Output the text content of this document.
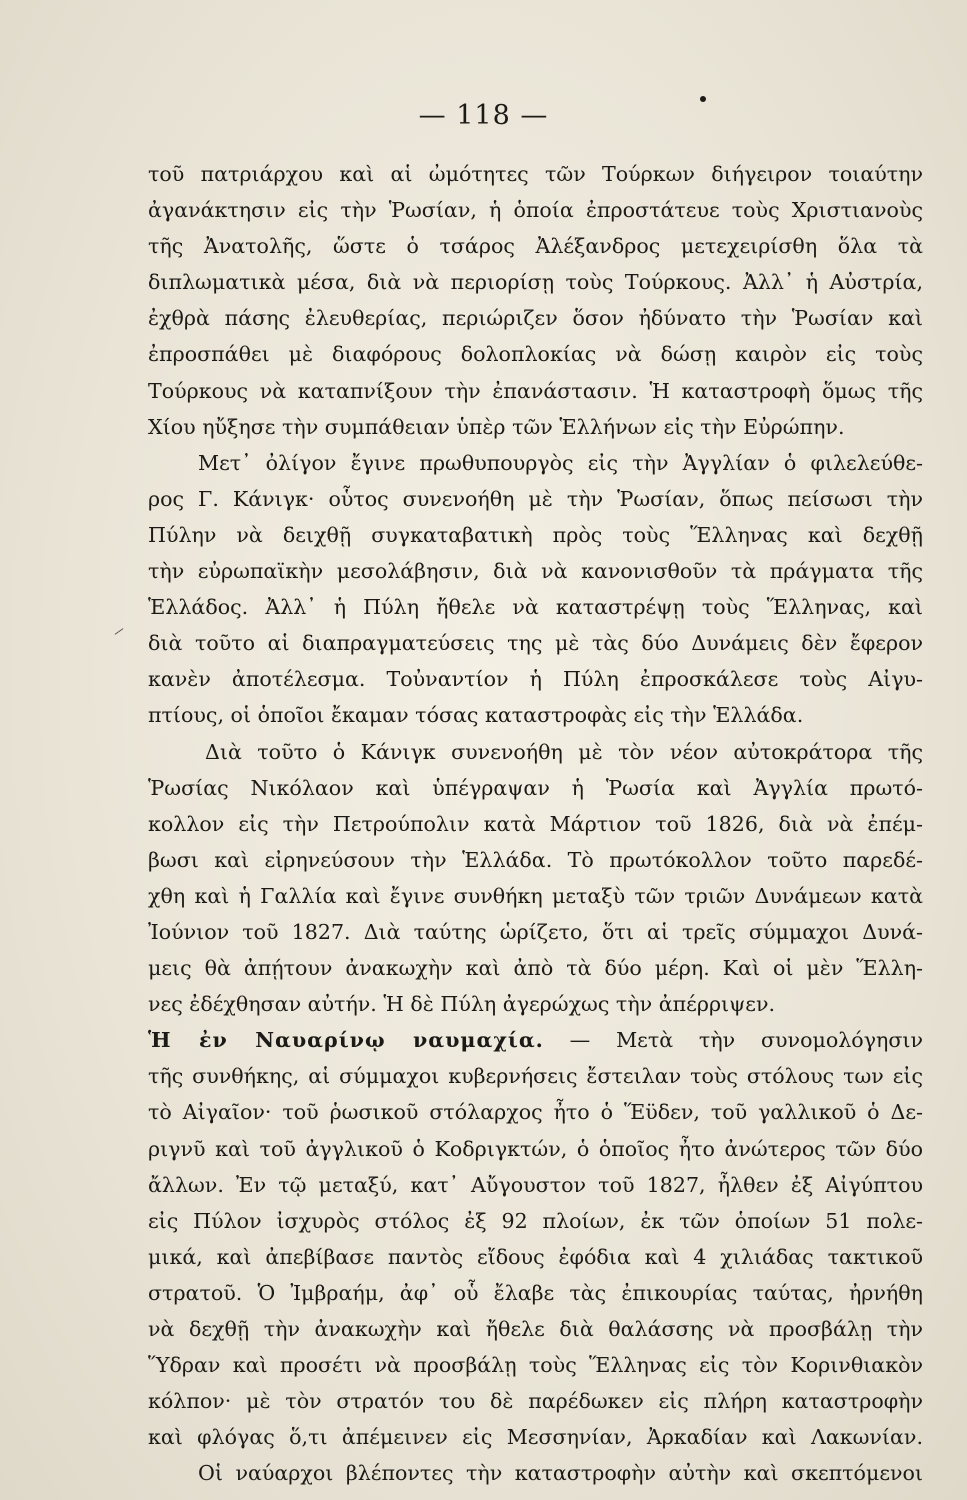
— 118 —
τοῦ πατριάρχου καὶ αἱ ὠμότητες τῶν Τούρκων διήγειρον τοιαύτην
ἀγανάκτησιν εἰς τὴν Ῥωσίαν, ἡ ὁποία ἐπροστάτευε τοὺς Χριστιανοὺς
τῆς Ἀνατολῆς, ὥστε ὁ τσάρος Ἀλέξανδρος μετεχειρίσθη ὅλα τὰ
διπλωματικὰ μέσα, διὰ νὰ περιορίσῃ τοὺς Τούρκους. Ἀλλ᾽ ἡ Αὐστρία,
ἐχθρὰ πάσης ἐλευθερίας, περιώριζεν ὅσον ἠδύνατο τὴν Ῥωσίαν καὶ
ἐπροσπάθει μὲ διαφόρους δολοπλοκίας νὰ δώσῃ καιρὸν εἰς τοὺς
Τούρκους νὰ καταπνίξουν τὴν ἐπανάστασιν. Ἡ καταστροφὴ ὅμως τῆς
Χίου ηὔξησε τὴν συμπάθειαν ὑπὲρ τῶν Ἑλλήνων εἰς τὴν Εὐρώπην.
Μετ᾽ ὀλίγον ἔγινε πρωθυπουργὸς εἰς τὴν Ἀγγλίαν ὁ φιλελεύθε-
ρος Γ. Κάνιγκ· οὗτος συνενοήθη μὲ τὴν Ῥωσίαν, ὅπως πείσωσι τὴν
Πύλην νὰ δειχθῇ συγκαταβατικὴ πρὸς τοὺς Ἕλληνας καὶ δεχθῇ
τὴν εὐρωπαϊκὴν μεσολάβησιν, διὰ νὰ κανονισθοῦν τὰ πράγματα τῆς
Ἑλλάδος. Ἀλλ᾽ ἡ Πύλη ἤθελε νὰ καταστρέψῃ τοὺς Ἕλληνας, καὶ
διὰ τοῦτο αἱ διαπραγματεύσεις της μὲ τὰς δύο Δυνάμεις δὲν ἔφερον
κανὲν ἀποτέλεσμα. Τοὐναντίον ἡ Πύλη ἐπροσκάλεσε τοὺς Αἰγυ-
πτίους, οἱ ὁποῖοι ἔκαμαν τόσας καταστροφὰς εἰς τὴν Ἑλλάδα.
Διὰ τοῦτο ὁ Κάνιγκ συνενοήθη μὲ τὸν νέον αὐτοκράτορα τῆς
Ῥωσίας Νικόλαον καὶ ὑπέγραψαν ἡ Ῥωσία καὶ Ἀγγλία πρωτό-
κολλον εἰς τὴν Πετρούπολιν κατὰ Μάρτιον τοῦ 1826, διὰ νὰ ἐπέμ-
βωσι καὶ εἰρηνεύσουν τὴν Ἑλλάδα. Τὸ πρωτόκολλον τοῦτο παρεδέ-
χθη καὶ ἡ Γαλλία καὶ ἔγινε συνθήκη μεταξὺ τῶν τριῶν Δυνάμεων κατὰ
Ἰούνιον τοῦ 1827. Διὰ ταύτης ὡρίζετο, ὅτι αἱ τρεῖς σύμμαχοι Δυνά-
μεις θὰ ἀπῄτουν ἀνακωχὴν καὶ ἀπὸ τὰ δύο μέρη. Καὶ οἱ μὲν Ἕλλη-
νες ἐδέχθησαν αὐτήν. Ἡ δὲ Πύλη ἀγερώχως τὴν ἀπέρριψεν.
Ἡ ἐν Ναυαρίνῳ ναυμαχία. — Μετὰ τὴν συνομολόγησιν
τῆς συνθήκης, αἱ σύμμαχοι κυβερνήσεις ἔστειλαν τοὺς στόλους των εἰς
τὸ Αἰγαῖον· τοῦ ῥωσικοῦ στόλαρχος ἦτο ὁ Ἕϋδεν, τοῦ γαλλικοῦ ὁ Δε-
ριγνῦ καὶ τοῦ ἀγγλικοῦ ὁ Κοδριγκτών, ὁ ὁποῖος ἦτο ἀνώτερος τῶν δύο
ἄλλων. Ἐν τῷ μεταξύ, κατ᾽ Αὔγουστον τοῦ 1827, ἦλθεν ἐξ Αἰγύπτου
εἰς Πύλον ἰσχυρὸς στόλος ἐξ 92 πλοίων, ἐκ τῶν ὁποίων 51 πολε-
μικά, καὶ ἀπεβίβασε παντὸς εἴδους ἐφόδια καὶ 4 χιλιάδας τακτικοῦ
στρατοῦ. Ὁ Ἰμβραήμ, ἀφ᾽ οὗ ἔλαβε τὰς ἐπικουρίας ταύτας, ἠρνήθη
νὰ δεχθῇ τὴν ἀνακωχὴν καὶ ἤθελε διὰ θαλάσσης νὰ προσβάλῃ τὴν
Ὕδραν καὶ προσέτι νὰ προσβάλῃ τοὺς Ἕλληνας εἰς τὸν Κορινθιακὸν
κόλπον· μὲ τὸν στρατόν του δὲ παρέδωκεν εἰς πλήρη καταστροφὴν
καὶ φλόγας ὅ,τι ἀπέμεινεν εἰς Μεσσηνίαν, Ἀρκαδίαν καὶ Λακωνίαν.
Οἱ ναύαρχοι βλέποντες τὴν καταστροφὴν αὐτὴν καὶ σκεπτόμενοι
